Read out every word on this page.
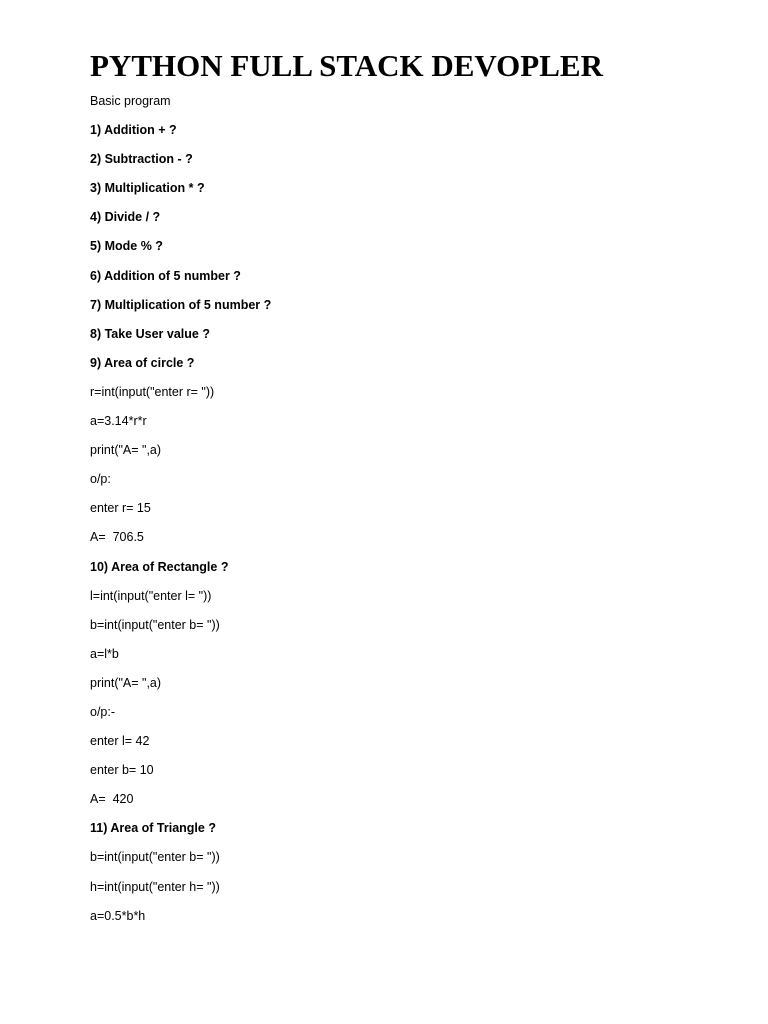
PYTHON FULL STACK DEVOPLER
Basic program
1) Addition + ?
2) Subtraction - ?
3) Multiplication * ?
4) Divide / ?
5) Mode % ?
6) Addition of 5 number ?
7) Multiplication of 5 number ?
8) Take User value ?
9) Area of circle ?
r=int(input("enter r= "))
a=3.14*r*r
print("A= ",a)
o/p:
enter r= 15
A=  706.5
10) Area of Rectangle ?
l=int(input("enter l= "))
b=int(input("enter b= "))
a=l*b
print("A= ",a)
o/p:-
enter l= 42
enter b= 10
A=  420
11) Area of Triangle ?
b=int(input("enter b= "))
h=int(input("enter h= "))
a=0.5*b*h
